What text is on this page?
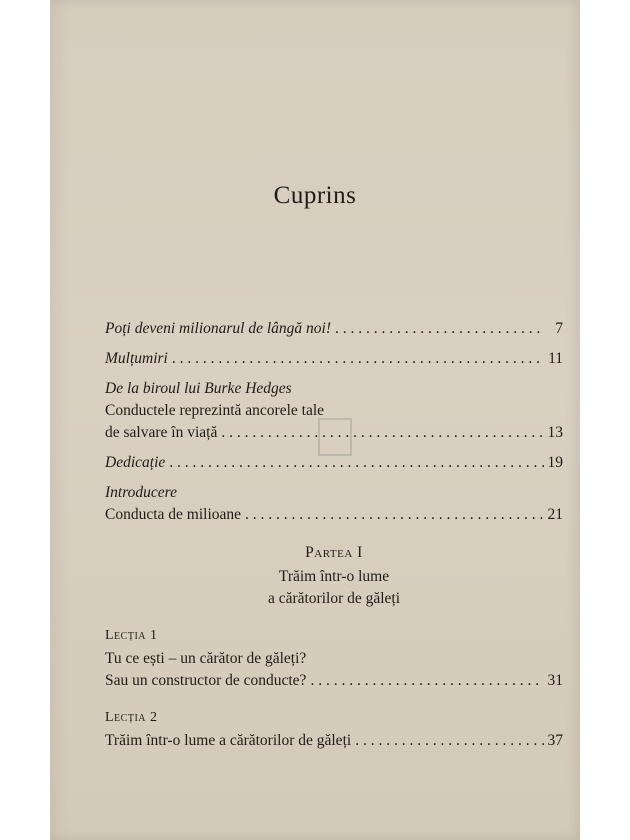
Cuprins
Poți deveni milionarul de lângă noi! . . .	7
Mulțumiri . . .	11
De la biroul lui Burke Hedges
Conductele reprezintă ancorele tale
de salvare în viață . . .	13
Dedicație . . .	19
Introducere
Conducta de milioane . . .	21
Partea I
Trăim într-o lume
a cărătorilor de găleți
Lecția 1
Tu ce ești – un cărător de găleți?
Sau un constructor de conducte? . . .	31
Lecția 2
Trăim într-o lume a cărătorilor de găleți . . .	37
